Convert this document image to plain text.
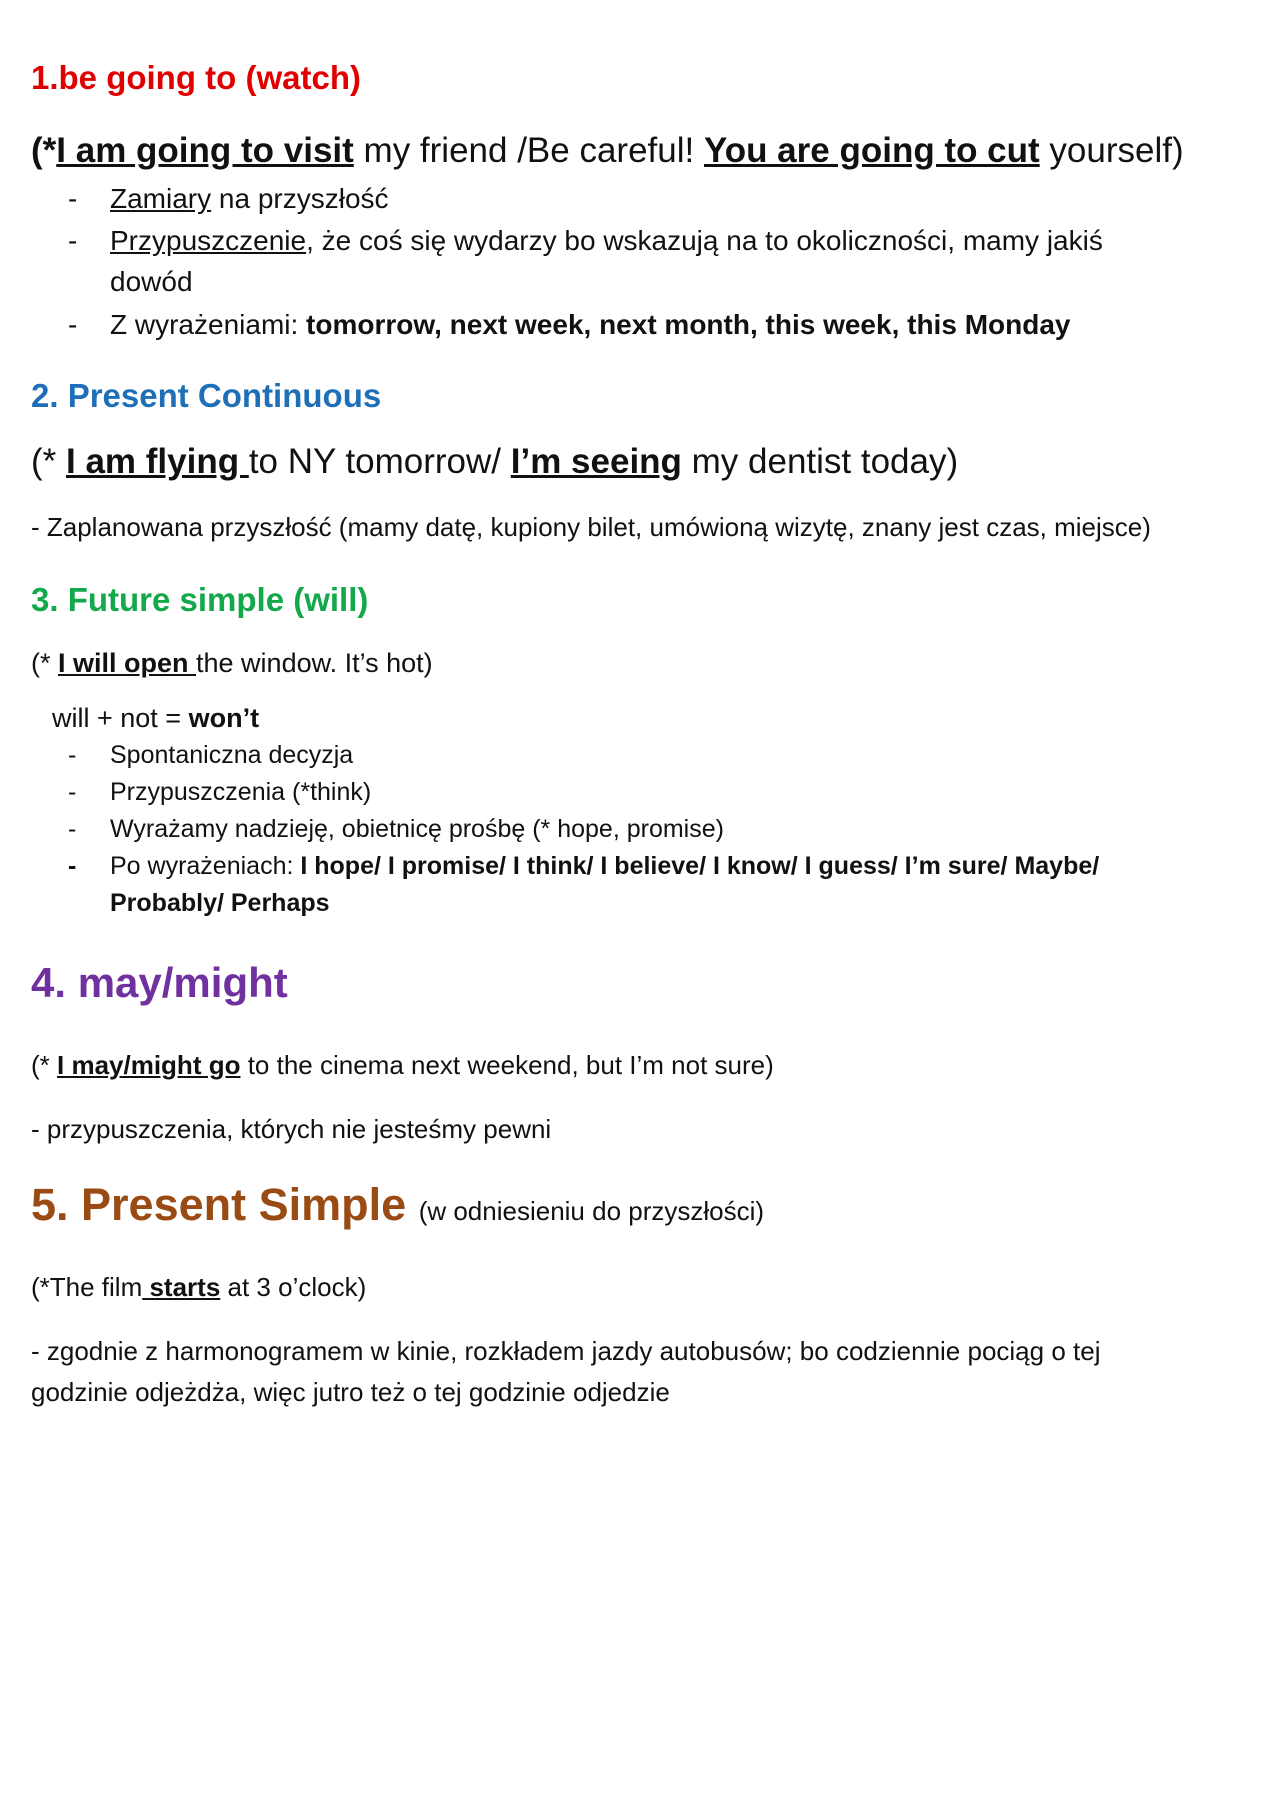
1.be going to (watch)
(*I am going to visit my friend /Be careful! You are going to cut yourself)
- Zamiary na przyszłość
- Przypuszczenie, że coś się wydarzy bo wskazują na to okoliczności, mamy jakiś
dowód
- Z wyrażeniami: tomorrow, next week, next month, this week, this Monday
2. Present Continuous
(* I am flying to NY tomorrow/ I’m seeing my dentist today)
- Zaplanowana przyszłość (mamy datę, kupiony bilet, umówioną wizytę, znany jest czas, miejsce)
3. Future simple (will)
(* I will open the window. It’s hot)
will + not = won’t
- Spontaniczna decyzja
- Przypuszczenia (*think)
- Wyrażamy nadzieję, obietnicę prośbę (* hope, promise)
- Po wyrażeniach: I hope/ I promise/ I think/ I believe/ I know/ I guess/ I’m sure/ Maybe/
Probably/ Perhaps
4. may/might
(* I may/might go to the cinema next weekend, but I’m not sure)
- przypuszczenia, których nie jesteśmy pewni
5. Present Simple (w odniesieniu do przyszłości)
(*The film starts at 3 o’clock)
- zgodnie z harmonogramem w kinie, rozkładem jazdy autobusów; bo codziennie pociąg o tej
godzinie odjeżdża, więc jutro też o tej godzinie odjedzie
